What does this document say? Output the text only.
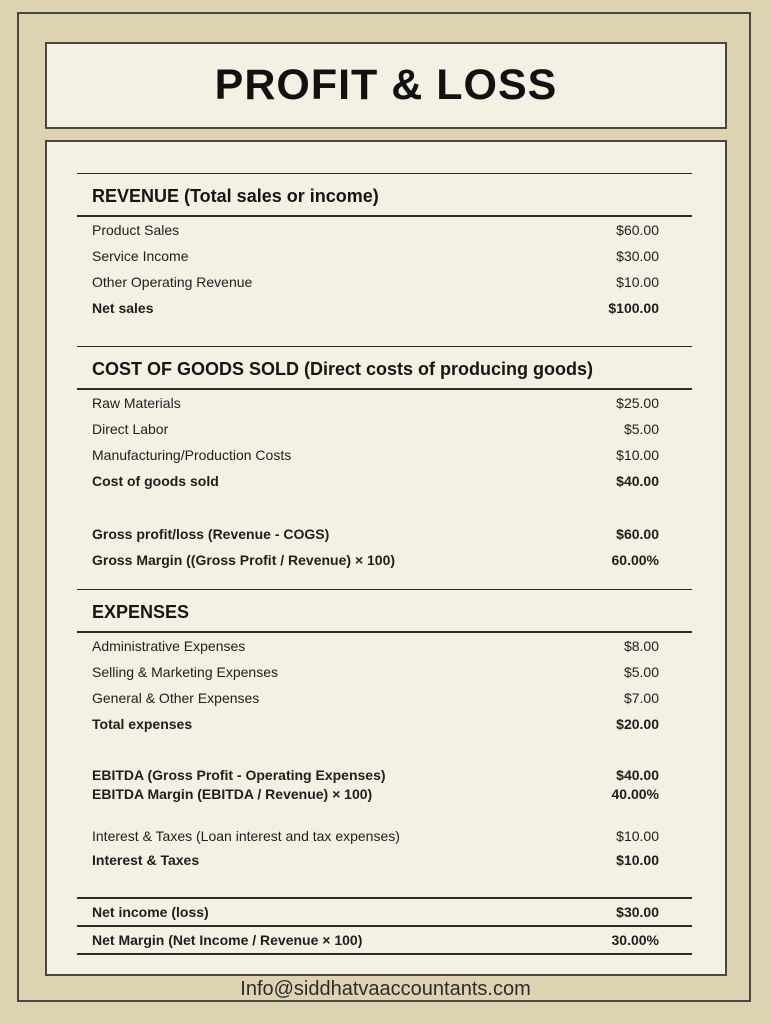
PROFIT & LOSS
REVENUE (Total sales or income)
Product Sales	$60.00
Service Income	$30.00
Other Operating Revenue	$10.00
Net sales	$100.00
COST OF GOODS SOLD (Direct costs of producing goods)
Raw Materials	$25.00
Direct Labor	$5.00
Manufacturing/Production Costs	$10.00
Cost of goods sold	$40.00
Gross profit/loss (Revenue - COGS)	$60.00
Gross Margin ((Gross Profit / Revenue) × 100)	60.00%
EXPENSES
Administrative Expenses	$8.00
Selling & Marketing Expenses	$5.00
General & Other Expenses	$7.00
Total expenses	$20.00
EBITDA (Gross Profit - Operating Expenses)	$40.00
EBITDA Margin (EBITDA / Revenue) × 100)	40.00%
Interest & Taxes (Loan interest and tax expenses)	$10.00
Interest & Taxes	$10.00
Net income (loss)	$30.00
Net Margin (Net Income / Revenue × 100)	30.00%
Info@siddhatvaaccountants.com
